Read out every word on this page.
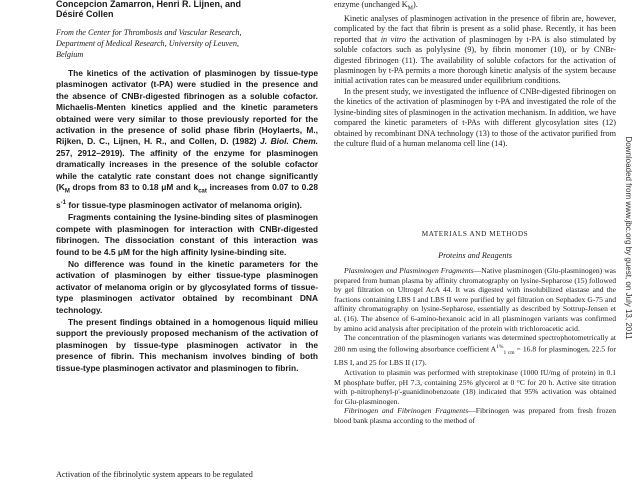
Concepcion Zamarron, Henri R. Lijnen, and
Désiré Collen
From the Center for Thrombosis and Vascular Research,
Department of Medical Research, University of Leuven,
Belgium

The kinetics of the activation of plasminogen by tissue-type plasminogen activator (t-PA) were studied in the presence and the absence of CNBr-digested fibrinogen as a soluble cofactor. Michaelis-Menten kinetics applied and the kinetic parameters obtained were very similar to those previously reported for the activation in the presence of solid phase fibrin (Hoylaerts, M., Rijken, D. C., Lijnen, H. R., and Collen, D. (1982) J. Biol. Chem. 257, 2912–2919). The affinity of the enzyme for plasminogen dramatically increases in the presence of the soluble cofactor while the catalytic rate constant does not change significantly ($K_M$ drops from 83 to 0.18 μM and $k_{cat}$ increases from 0.07 to 0.28 $s^{-1}$ for tissue-type plasminogen activator of melanoma origin).

Fragments containing the lysine-binding sites of plasminogen compete with plasminogen for interaction with CNBr-digested fibrinogen. The dissociation constant of this interaction was found to be 4.5 μM for the high affinity lysine-binding site.

No difference was found in the kinetic parameters for the activation of plasminogen by either tissue-type plasminogen activator of melanoma origin or by glycosylated forms of tissue-type plasminogen activator obtained by recombinant DNA technology.

The present findings obtained in a homogenous liquid milieu support the previously proposed mechanism of the activation of plasminogen by tissue-type plasminogen activator in the presence of fibrin. This mechanism involves binding of both tissue-type plasminogen activator and plasminogen to fibrin.

Activation of the fibrinolytic system appears to be regulated

enzyme (unchanged $K_M$).

Kinetic analyses of plasminogen activation in the presence of fibrin are, however, complicated by the fact that fibrin is present as a solid phase. Recently, it has been reported that in vitro the activation of plasminogen by t-PA is also stimulated by soluble cofactors such as polylysine (9), by fibrin monomer (10), or by CNBr-digested fibrinogen (11). The availability of soluble cofactors for the activation of plasminogen by t-PA permits a more thorough kinetic analysis of the system because initial activation rates can be measured under equilibrium conditions.

In the present study, we investigated the influence of CNBr-digested fibrinogen on the kinetics of the activation of plasminogen by t-PA and investigated the role of the lysine-binding sites of plasminogen in the activation mechanism. In addition, we have compared the kinetic parameters of t-PAs with different glycosylation sites (12) obtained by recombinant DNA technology (13) to those of the activator purified from the culture fluid of a human melanoma cell line (14).

MATERIALS AND METHODS
Proteins and Reagents

Plasminogen and Plasminogen Fragments—Native plasminogen (Glu-plasminogen) was prepared from human plasma by affinity chromatography on lysine-Sepharose (15) followed by gel filtration on Ultrogel AcA 44. It was digested with insolubilized elastase and the fractions containing LBS I and LBS II were purified by gel filtration on Sephadex G-75 and affinity chromatography on lysine-Sepharose, essentially as described by Sottrup-Jensen et al. (16). The absence of 6-amino-hexanoic acid in all plasminogen variants was confirmed by amino acid analysis after precipitation of the protein with trichloroacetic acid.

The concentration of the plasminogen variants was determined spectrophotometrically at 280 nm using the following absorbance coefficient $A^{1\%}_{1 cm} = 16.8$ for plasminogen, 22.5 for LBS I, and 25 for LBS II (17).

Activation to plasmin was performed with streptokinase (1000 IU/mg of protein) in 0.1 M phosphate buffer, pH 7.3, containing 25% glycerol at 0 °C for 20 h. Active site titration with p-nitrophenyl-p'-guanidinobenzoate (18) indicated that 95% activation was obtained for Glu-plasminogen.

Fibrinogen and Fibrinogen Fragments—Fibrinogen was prepared from fresh frozen blood bank plasma according to the method of

Downloaded from www.jbc.org by guest, on July 13, 2011
